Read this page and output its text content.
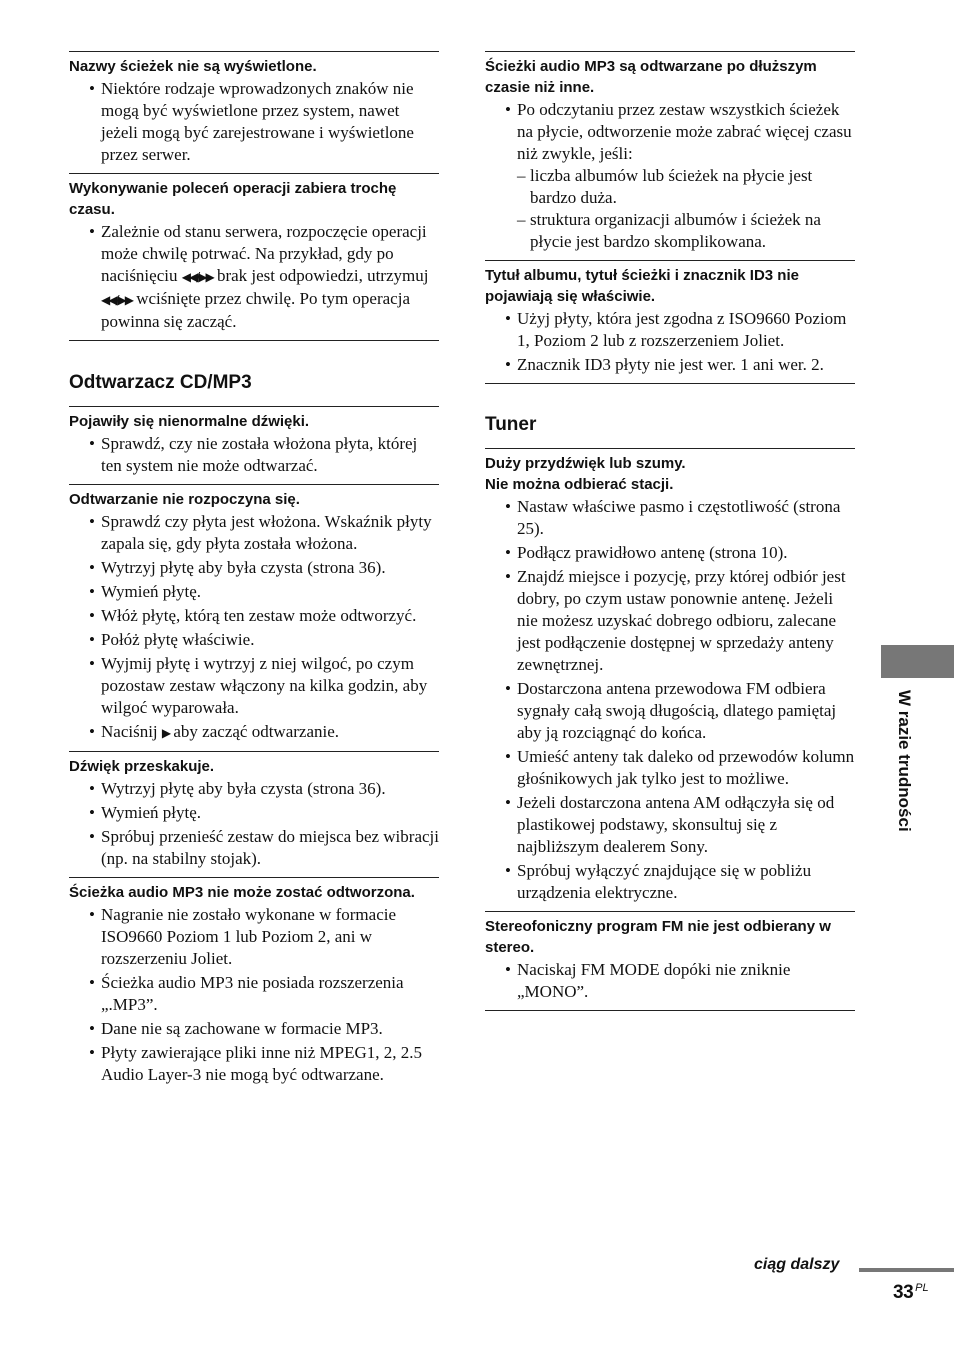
Nazwy ścieżek nie są wyświetlone.

• Niektóre rodzaje wprowadzonych znaków nie mogą być wyświetlone przez system, nawet jeżeli mogą być zarejestrowane i wyświetlone przez serwer.

Wykonywanie poleceń operacji zabiera trochę czasu.

• Zależnie od stanu serwera, rozpoczęcie operacji może chwilę potrwać. Na przykład, gdy po naciśnięciu ◀◀/▶▶ brak jest odpowiedzi, utrzymuj ◀◀/▶▶ wciśnięte przez chwilę. Po tym operacja powinna się zacząć.
Odtwarzacz CD/MP3

Pojawiły się nienormalne dźwięki.

• Sprawdź, czy nie została włożona płyta, której ten system nie może odtwarzać.

Odtwarzanie nie rozpoczyna się.

• Sprawdź czy płyta jest włożona. Wskaźnik płyty zapala się, gdy płyta została włożona.
• Wytrzyj płytę aby była czysta (strona 36).
• Wymień płytę.
• Włóż płytę, którą ten zestaw może odtworzyć.
• Połóż płytę właściwie.
• Wyjmij płytę i wytrzyj z niej wilgoć, po czym pozostaw zestaw włączony na kilka godzin, aby wilgoć wyparowała.
• Naciśnij ▶ aby zacząć odtwarzanie.

Dźwięk przeskakuje.

• Wytrzyj płytę aby była czysta (strona 36).
• Wymień płytę.
• Spróbuj przenieść zestaw do miejsca bez wibracji (np. na stabilny stojak).

Ścieżka audio MP3 nie może zostać odtworzona.

• Nagranie nie zostało wykonane w formacie ISO9660 Poziom 1 lub Poziom 2, ani w rozszerzeniu Joliet.
• Ścieżka audio MP3 nie posiada rozszerzenia „.MP3”.
• Dane nie są zachowane w formacie MP3.
• Płyty zawierające pliki inne niż MPEG1, 2, 2.5 Audio Layer-3 nie mogą być odtwarzane.

Ścieżki audio MP3 są odtwarzane po dłuższym czasie niż inne.

• Po odczytaniu przez zestaw wszystkich ścieżek na płycie, odtworzenie może zabrać więcej czasu niż zwykle, jeśli:
– liczba albumów lub ścieżek na płycie jest bardzo duża.
– struktura organizacji albumów i ścieżek na płycie jest bardzo skomplikowana.

Tytuł albumu, tytuł ścieżki i znacznik ID3 nie pojawiają się właściwie.

• Użyj płyty, która jest zgodna z ISO9660 Poziom 1, Poziom 2 lub z rozszerzeniem Joliet.
• Znacznik ID3 płyty nie jest wer. 1 ani wer. 2.
Tuner

Duży przydźwięk lub szumy.
Nie można odbierać stacji.

• Nastaw właściwe pasmo i częstotliwość (strona 25).
• Podłącz prawidłowo antenę (strona 10).
• Znajdź miejsce i pozycję, przy której odbiór jest dobry, po czym ustaw ponownie antenę. Jeżeli nie możesz uzyskać dobrego odbioru, zalecane jest podłączenie dostępnej w sprzedaży anteny zewnętrznej.
• Dostarczona antena przewodowa FM odbiera sygnały całą swoją długością, dlatego pamiętaj aby ją rozciągnąć do końca.
• Umieść anteny tak daleko od przewodów kolumn głośnikowych jak tylko jest to możliwe.
• Jeżeli dostarczona antena AM odłączyła się od plastikowej podstawy, skonsultuj się z najbliższym dealerem Sony.
• Spróbuj wyłączyć znajdujące się w pobliżu urządzenia elektryczne.

Stereofoniczny program FM nie jest odbierany w stereo.

• Naciskaj FM MODE dopóki nie zniknie „MONO”.
W razie trudności
ciąg dalszy
33 $^{PL}$
